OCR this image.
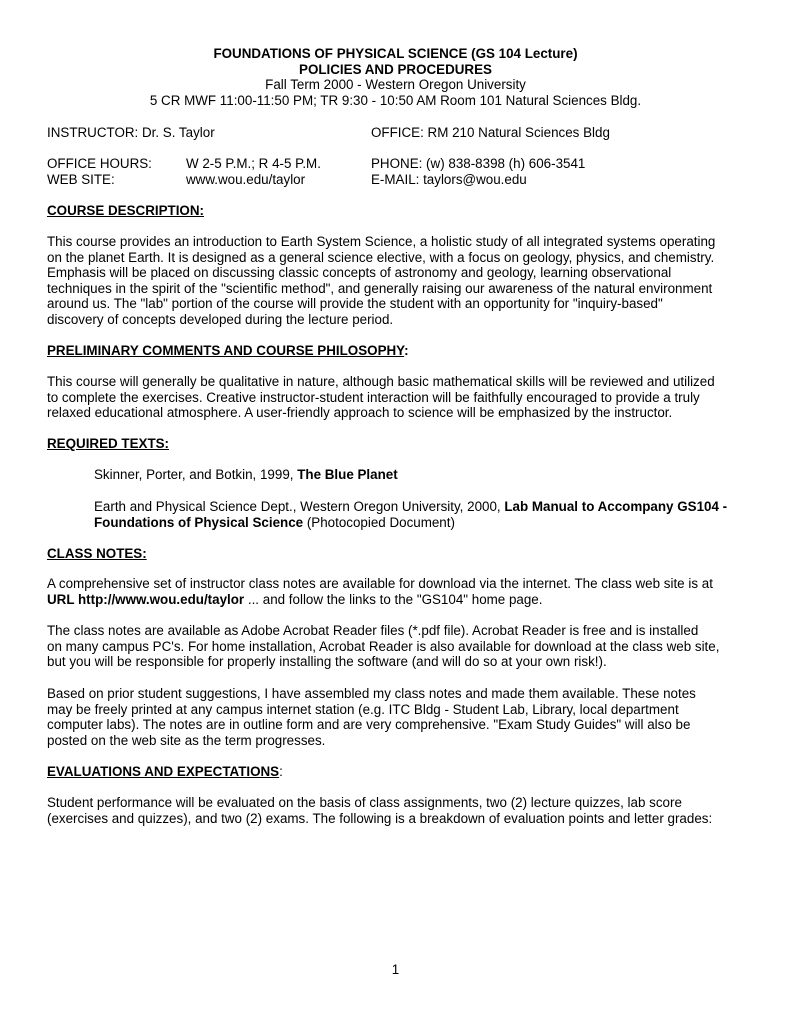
FOUNDATIONS OF PHYSICAL SCIENCE (GS 104 Lecture)
POLICIES AND PROCEDURES
Fall Term 2000 - Western Oregon University
5 CR MWF 11:00-11:50 PM; TR 9:30 - 10:50 AM Room 101 Natural Sciences Bldg.
INSTRUCTOR: Dr. S. Taylor	OFFICE: RM 210 Natural Sciences Bldg
OFFICE HOURS:	W 2-5 P.M.; R 4-5 P.M.	PHONE: (w) 838-8398 (h) 606-3541
WEB SITE:	www.wou.edu/taylor	E-MAIL: taylors@wou.edu
COURSE DESCRIPTION:
This course provides an introduction to Earth System Science, a holistic study of all integrated systems operating
on the planet Earth. It is designed as a general science elective, with a focus on geology, physics, and chemistry.
Emphasis will be placed on discussing classic concepts of astronomy and geology, learning observational
techniques in the spirit of the "scientific method", and generally raising our awareness of the natural environment
around us. The "lab" portion of the course will provide the student with an opportunity for "inquiry-based"
discovery of concepts developed during the lecture period.
PRELIMINARY COMMENTS AND COURSE PHILOSOPHY:
This course will generally be qualitative in nature, although basic mathematical skills will be reviewed and utilized
to complete the exercises. Creative instructor-student interaction will be faithfully encouraged to provide a truly
relaxed educational atmosphere. A user-friendly approach to science will be emphasized by the instructor.
REQUIRED TEXTS:
Skinner, Porter, and Botkin, 1999, The Blue Planet
Earth and Physical Science Dept., Western Oregon University, 2000, Lab Manual to Accompany GS104 -
Foundations of Physical Science (Photocopied Document)
CLASS NOTES:
A comprehensive set of instructor class notes are available for download via the internet. The class web site is at
URL http://www.wou.edu/taylor ... and follow the links to the "GS104" home page.
The class notes are available as Adobe Acrobat Reader files (*.pdf file). Acrobat Reader is free and is installed
on many campus PC's. For home installation, Acrobat Reader is also available for download at the class web site,
but you will be responsible for properly installing the software (and will do so at your own risk!).
Based on prior student suggestions, I have assembled my class notes and made them available. These notes
may be freely printed at any campus internet station (e.g. ITC Bldg - Student Lab, Library, local department
computer labs). The notes are in outline form and are very comprehensive. "Exam Study Guides" will also be
posted on the web site as the term progresses.
EVALUATIONS AND EXPECTATIONS:
Student performance will be evaluated on the basis of class assignments, two (2) lecture quizzes, lab score
(exercises and quizzes), and two (2) exams. The following is a breakdown of evaluation points and letter grades:
1
